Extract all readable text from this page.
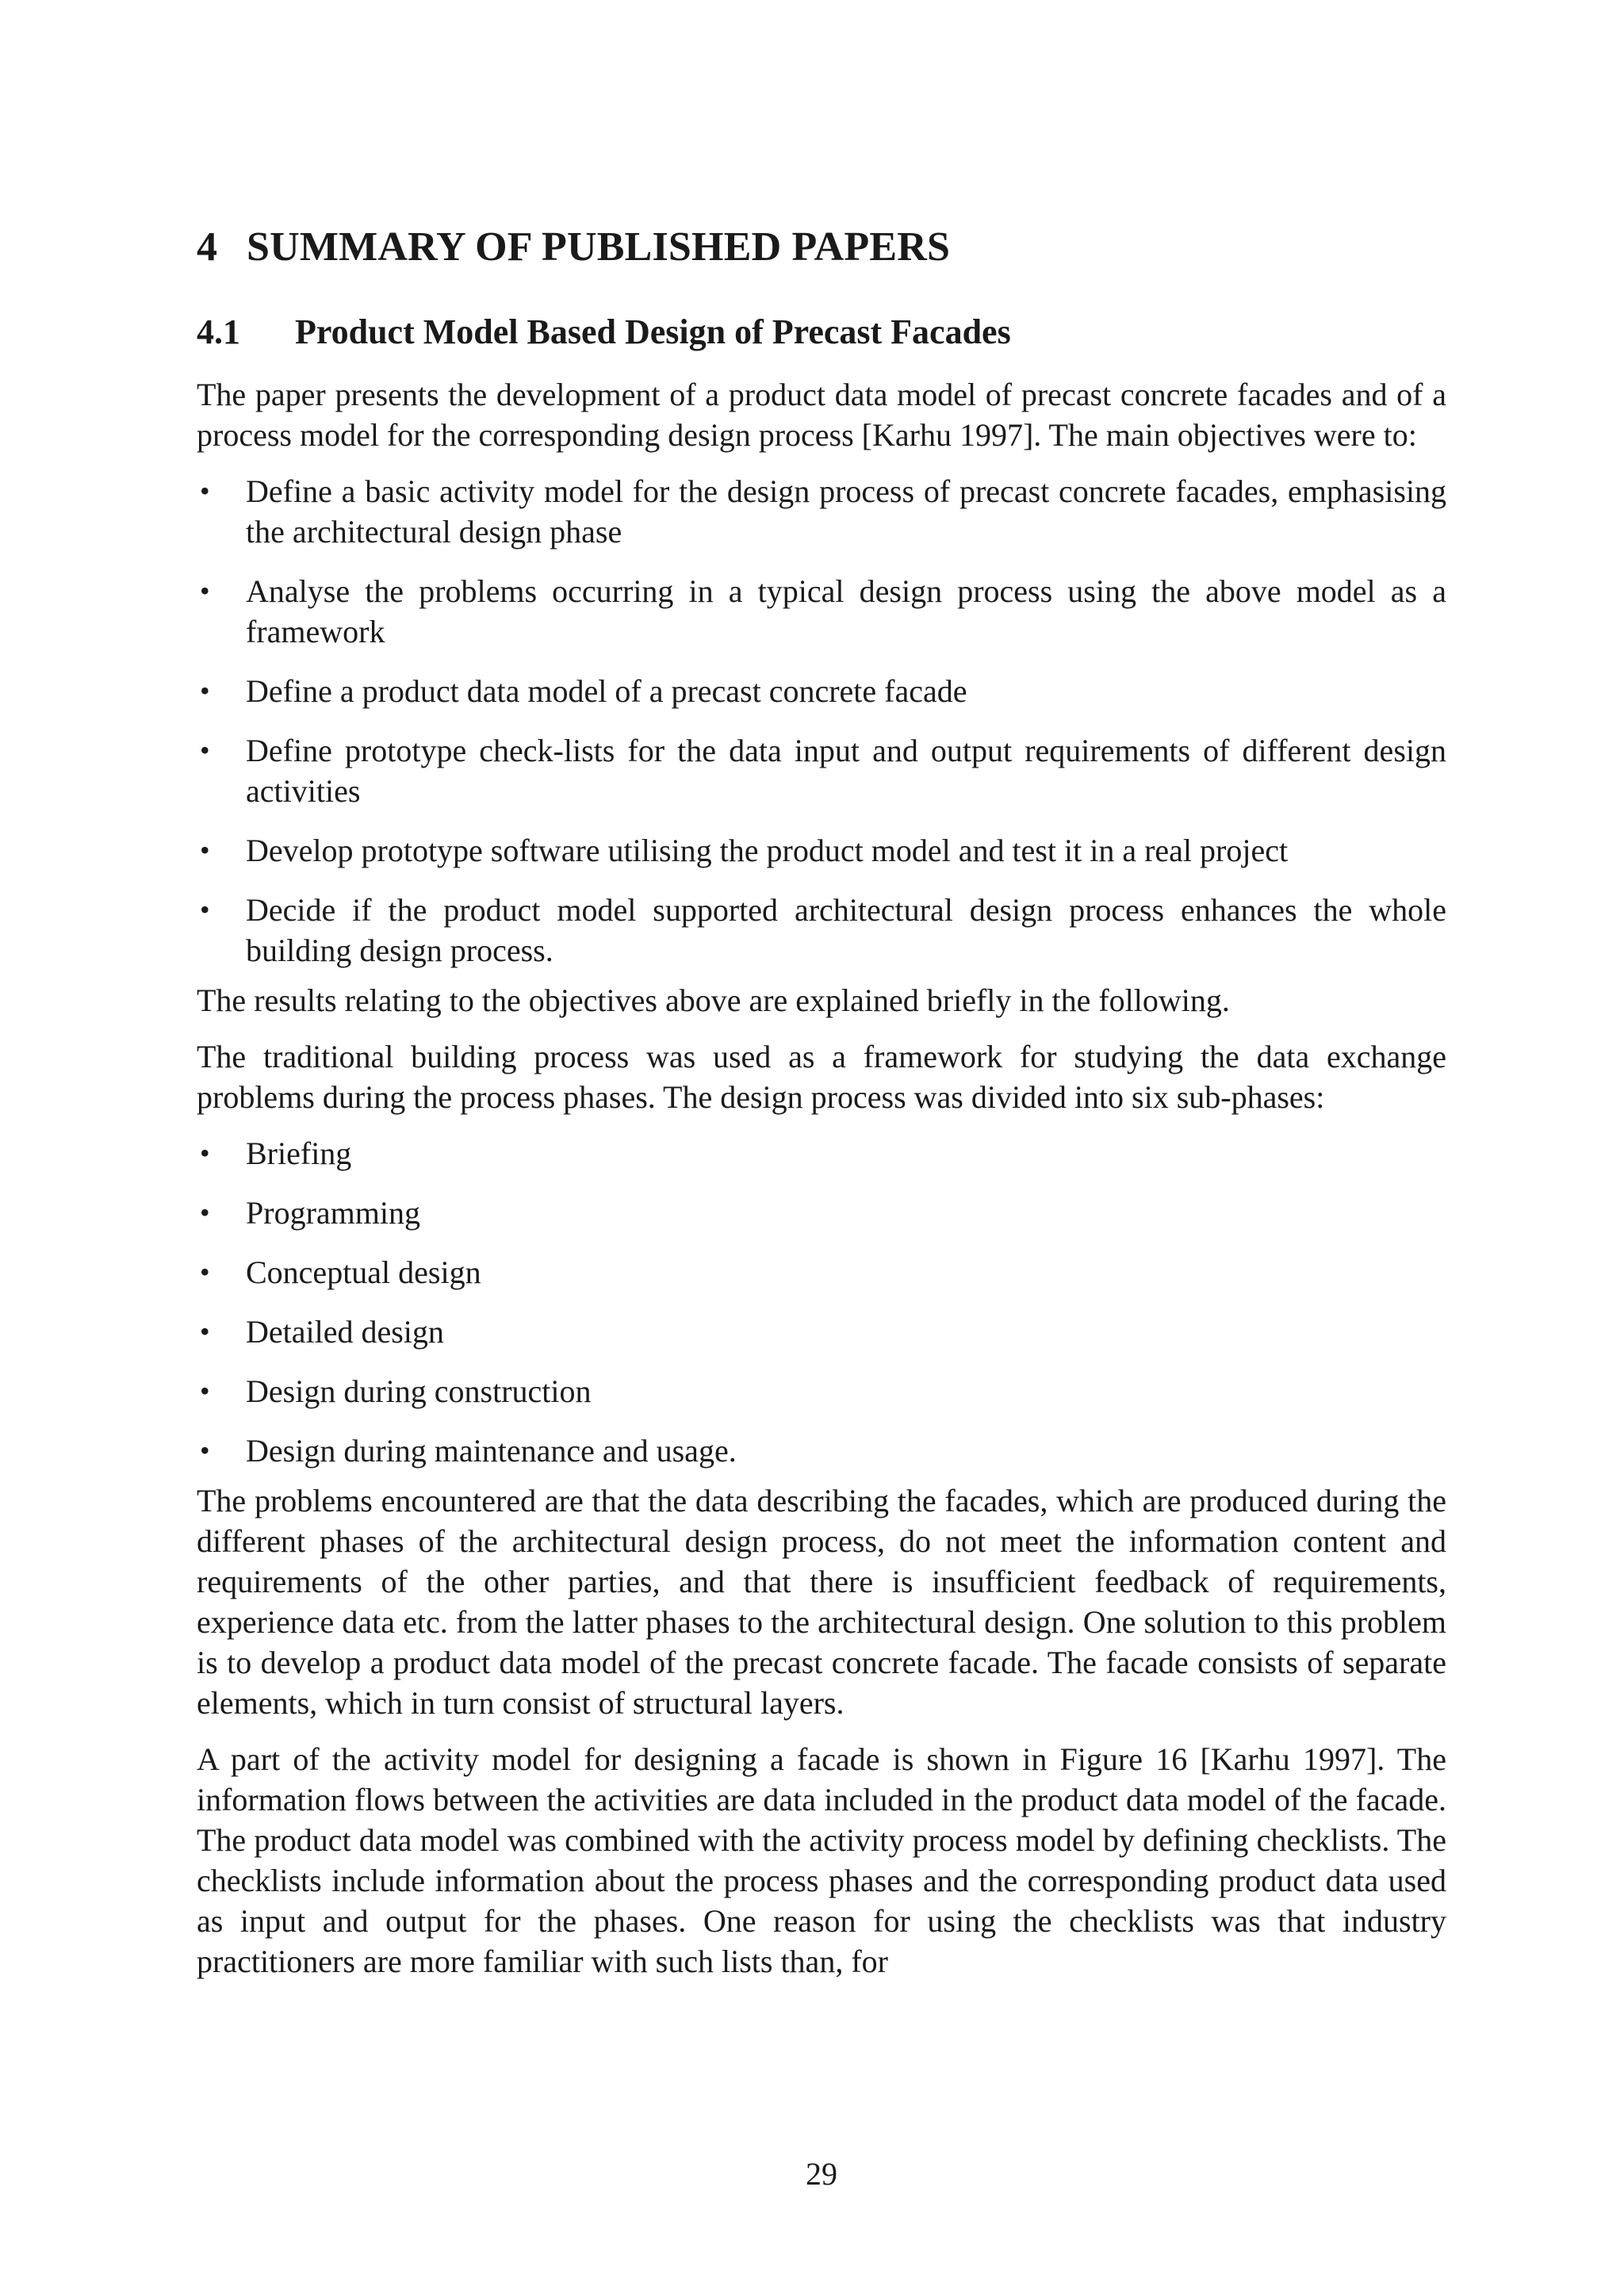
4 SUMMARY OF PUBLISHED PAPERS
4.1 Product Model Based Design of Precast Facades

The paper presents the development of a product data model of precast concrete facades and of a process model for the corresponding design process [Karhu 1997]. The main objectives were to:

• Define a basic activity model for the design process of precast concrete facades, emphasising the architectural design phase
• Analyse the problems occurring in a typical design process using the above model as a framework
• Define a product data model of a precast concrete facade
• Define prototype check-lists for the data input and output requirements of different design activities
• Develop prototype software utilising the product model and test it in a real project
• Decide if the product model supported architectural design process enhances the whole building design process.

The results relating to the objectives above are explained briefly in the following.

The traditional building process was used as a framework for studying the data exchange problems during the process phases. The design process was divided into six sub-phases:

• Briefing
• Programming
• Conceptual design
• Detailed design
• Design during construction
• Design during maintenance and usage.

The problems encountered are that the data describing the facades, which are produced during the different phases of the architectural design process, do not meet the information content and requirements of the other parties, and that there is insufficient feedback of requirements, experience data etc. from the latter phases to the architectural design. One solution to this problem is to develop a product data model of the precast concrete facade. The facade consists of separate elements, which in turn consist of structural layers.

A part of the activity model for designing a facade is shown in Figure 16 [Karhu 1997]. The information flows between the activities are data included in the product data model of the facade. The product data model was combined with the activity process model by defining checklists. The checklists include information about the process phases and the corresponding product data used as input and output for the phases. One reason for using the checklists was that industry practitioners are more familiar with such lists than, for

29
